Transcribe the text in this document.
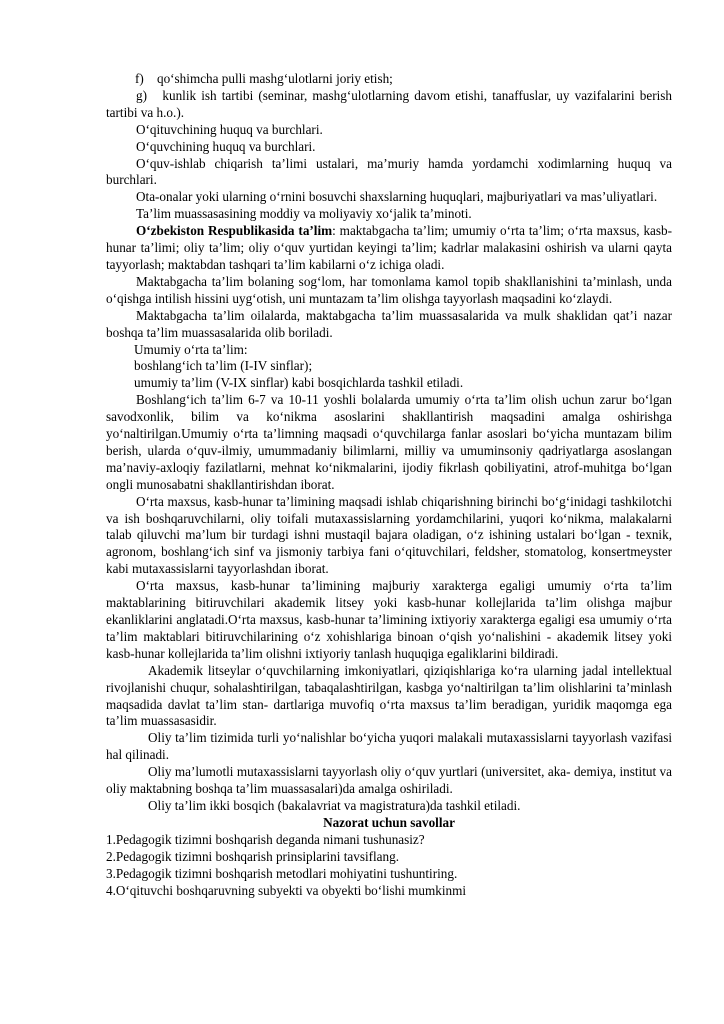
f)    qo‘shimcha pulli mashg‘ulotlarni joriy etish;

g)   kunlik ish tartibi (seminar, mashg‘ulotlarning davom etishi, tanaffuslar, uy vazifalarini berish tartibi va h.o.).

O‘qituvchining huquq va burchlari.

O‘quvchining huquq va burchlari.

O‘quv-ishlab chiqarish ta’limi ustalari, ma’muriy hamda yordamchi xodimlarning huquq va burchlari.

Ota-onalar yoki ularning o‘rnini bosuvchi shaxslarning huquqlari, majburiyatlari va mas’uliyatlari.

Ta’lim muassasasining moddiy va moliyaviy xo‘jalik ta’minoti.

O‘zbekiston Respublikasida ta’lim: maktabgacha ta’lim; umumiy o‘rta ta’lim; o‘rta maxsus, kasb-hunar ta’limi; oliy ta’lim; oliy o‘quv yurtidan keyingi ta’lim; kadrlar malakasini oshirish va ularni qayta tayyorlash; maktabdan tashqari ta’lim kabilarni o‘z ichiga oladi.

Maktabgacha ta’lim bolaning sog‘lom, har tomonlama kamol topib shakllanishini ta’minlash, unda o‘qishga intilish hissini uyg‘otish, uni muntazam ta’lim olishga tayyorlash maqsadini ko‘zlaydi.

Maktabgacha ta’lim oilalarda, maktabgacha ta’lim muassasalarida va mulk shaklidan qat’i nazar boshqa ta’lim muassasalarida olib boriladi.

Umumiy o‘rta ta’lim:

boshlang‘ich ta’lim (I-IV sinflar);

umumiy ta’lim (V-IX sinflar) kabi bosqichlarda tashkil etiladi.

Boshlang‘ich ta’lim 6-7 va 10-11 yoshli bolalarda umumiy o‘rta ta’lim olish uchun zarur bo‘lgan savodxonlik, bilim va ko‘nikma asoslarini shakllantirish maqsadini amalga oshirishga yo‘naltirilgan.Umumiy o‘rta ta’limning maqsadi o‘quvchilarga fanlar asoslari bo‘yicha muntazam bilim berish, ularda o‘quv-ilmiy, umummadaniy bilimlarni, milliy va umuminsoniy qadriyatlarga asoslangan ma’naviy-axloqiy fazilatlarni, mehnat ko‘nikmalarini, ijodiy fikrlash qobiliyatini, atrof-muhitga bo‘lgan ongli munosabatni shakllantirishdan iborat.

O‘rta maxsus, kasb-hunar ta’limining maqsadi ishlab chiqarishning birinchi bo‘g‘inidagi tashkilotchi va ish boshqaruvchilarni, oliy toifali mutaxassislarning yordamchilarini, yuqori ko‘nikma, malakalarni talab qiluvchi ma’lum bir turdagi ishni mustaqil bajara oladigan, o‘z ishining ustalari bo‘lgan - texnik, agronom, boshlang‘ich sinf va jismoniy tarbiya fani o‘qituvchilari, feldsher, stomatolog, konsertmeyster kabi mutaxassislarni tayyorlashdan iborat.

O‘rta maxsus, kasb-hunar ta’limining majburiy xarakterga egaligi umumiy o‘rta ta’lim maktablarining bitiruvchilari akademik litsey yoki kasb-hunar kollejlarida ta’lim olishga majbur ekanliklarini anglatadi.O‘rta maxsus, kasb-hunar ta’limining ixtiyoriy xarakterga egaligi esa umumiy o‘rta ta’lim maktablari bitiruvchilarining o‘z xohishlariga binoan o‘qish yo‘nalishini - akademik litsey yoki kasb-hunar kollejlarida ta’lim olishni ixtiyoriy tanlash huquqiga egaliklarini bildiradi.

Akademik litseylar o‘quvchilarning imkoniyatlari, qiziqishlariga ko‘ra ularning jadal intellektual rivojlanishi chuqur, sohalashtirilgan, tabaqalashtirilgan, kasbga yo‘naltirilgan ta’lim olishlarini ta’minlash maqsadida davlat ta’lim stan- dartlariga muvofiq o‘rta maxsus ta’lim beradigan, yuridik maqomga ega ta’lim muassasasidir.

Oliy ta’lim tizimida turli yo‘nalishlar bo‘yicha yuqori malakali mutaxassislarni tayyorlash vazifasi hal qilinadi.

Oliy ma’lumotli mutaxassislarni tayyorlash oliy o‘quv yurtlari (universitet, aka- demiya, institut va oliy maktabning boshqa ta’lim muassasalari)da amalga oshiriladi.

Oliy ta’lim ikki bosqich (bakalavriat va magistratura)da tashkil etiladi.

Nazorat uchun savollar

1.Pedagogik tizimni boshqarish deganda nimani tushunasiz?

2.Pedagogik tizimni boshqarish prinsiplarini tavsiflang.

3.Pedagogik tizimni boshqarish metodlari mohiyatini tushuntiring.

4.O‘qituvchi boshqaruvning subyekti va obyekti bo‘lishi mumkinmi
